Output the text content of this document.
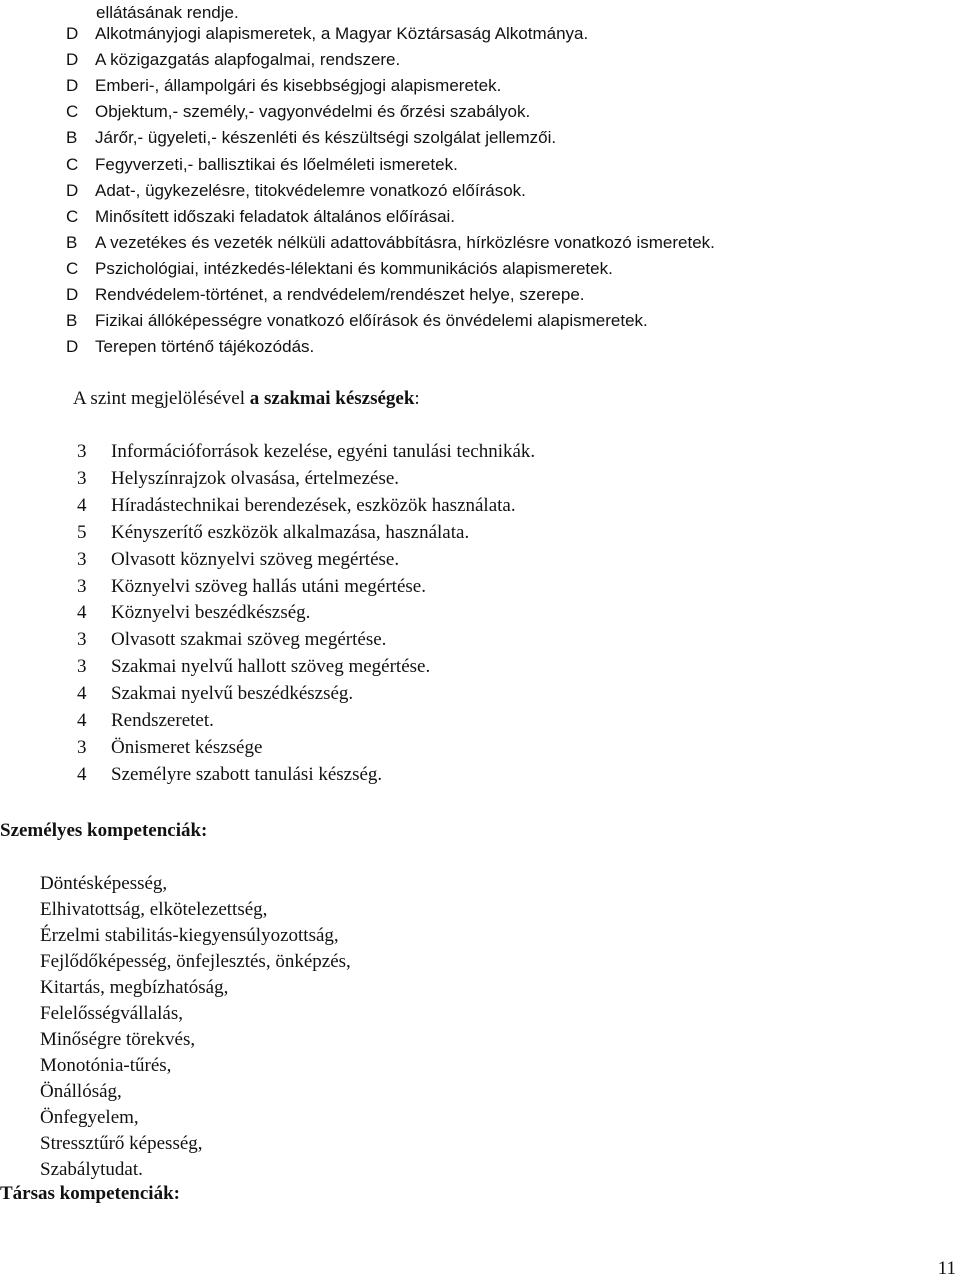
ellátásának rendje.
D Alkotmányjogi alapismeretek, a Magyar Köztársaság Alkotmánya.
D A közigazgatás alapfogalmai, rendszere.
D Emberi-, állampolgári és kisebbségjogi alapismeretek.
C Objektum,- személy,- vagyonvédelmi és őrzési szabályok.
B Járőr,- ügyeleti,- készenléti és készültségi szolgálat jellemzői.
C Fegyverzeti,- ballisztikai és lőelméleti ismeretek.
D Adat-, ügykezelésre, titokvédelemre vonatkozó előírások.
C Minősített időszaki feladatok általános előírásai.
B A vezetékes és vezeték nélküli adattovábbításra, hírközlésre vonatkozó ismeretek.
C Pszichológiai, intézkedés-lélektani és kommunikációs alapismeretek.
D Rendvédelem-történet, a rendvédelem/rendészet helye, szerepe.
B Fizikai állóképességre vonatkozó előírások és önvédelemi alapismeretek.
D Terepen történő tájékozódás.
A szint megjelölésével a szakmai készségek:
3 Információforrások kezelése, egyéni tanulási technikák.
3 Helyszínrajzok olvasása, értelmezése.
4 Híradástechnikai berendezések, eszközök használata.
5 Kényszerítő eszközök alkalmazása, használata.
3 Olvasott köznyelvi szöveg megértése.
3 Köznyelvi szöveg hallás utáni megértése.
4 Köznyelvi beszédkészség.
3 Olvasott szakmai szöveg megértése.
3 Szakmai nyelvű hallott szöveg megértése.
4 Szakmai nyelvű beszédkészség.
4 Rendszeretet.
3 Önismeret készsége
4 Személyre szabott tanulási készség.
Személyes kompetenciák:
Döntésképesség,
Elhivatottság, elkötelezettség,
Érzelmi stabilitás-kiegyensúlyozottság,
Fejlődőképesség, önfejlesztés, önképzés,
Kitartás, megbízhatóság,
Felelősségvállalás,
Minőségre törekvés,
Monotónia-tűrés,
Önállóság,
Önfegyelem,
Stressztűrő képesség,
Szabálytudat.
Társas kompetenciák:
11
